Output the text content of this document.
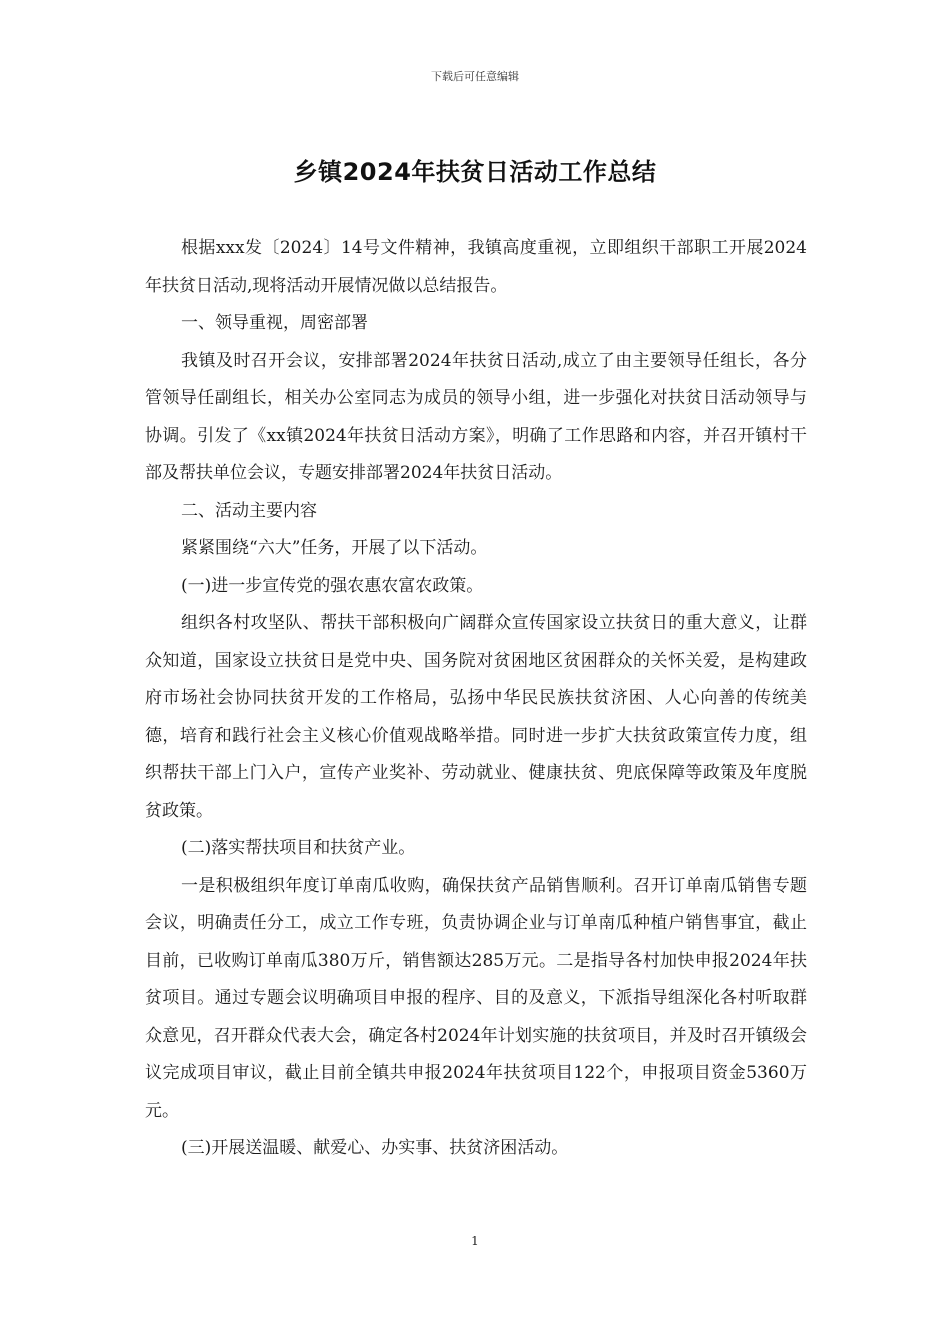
下载后可任意编辑
乡镇2024年扶贫日活动工作总结

根据xxx发〔2024〕14号文件精神，我镇高度重视，立即组织干部职工开展2024年扶贫日活动,现将活动开展情况做以总结报告。

一、领导重视，周密部署

我镇及时召开会议，安排部署2024年扶贫日活动,成立了由主要领导任组长，各分管领导任副组长，相关办公室同志为成员的领导小组，进一步强化对扶贫日活动领导与协调。引发了《xx镇2024年扶贫日活动方案》，明确了工作思路和内容，并召开镇村干部及帮扶单位会议，专题安排部署2024年扶贫日活动。

二、活动主要内容

紧紧围绕“六大”任务，开展了以下活动。

(一)进一步宣传党的强农惠农富农政策。

组织各村攻坚队、帮扶干部积极向广阔群众宣传国家设立扶贫日的重大意义，让群众知道，国家设立扶贫日是党中央、国务院对贫困地区贫困群众的关怀关爱，是构建政府市场社会协同扶贫开发的工作格局，弘扬中华民民族扶贫济困、人心向善的传统美德，培育和践行社会主义核心价值观战略举措。同时进一步扩大扶贫政策宣传力度，组织帮扶干部上门入户，宣传产业奖补、劳动就业、健康扶贫、兜底保障等政策及年度脱贫政策。

(二)落实帮扶项目和扶贫产业。

一是积极组织年度订单南瓜收购，确保扶贫产品销售顺利。召开订单南瓜销售专题会议，明确责任分工，成立工作专班，负责协调企业与订单南瓜种植户销售事宜，截止目前，已收购订单南瓜380万斤，销售额达285万元。二是指导各村加快申报2024年扶贫项目。通过专题会议明确项目申报的程序、目的及意义，下派指导组深化各村听取群众意见，召开群众代表大会，确定各村2024年计划实施的扶贫项目，并及时召开镇级会议完成项目审议，截止目前全镇共申报2024年扶贫项目122个，申报项目资金5360万元。

(三)开展送温暖、献爱心、办实事、扶贫济困活动。

1
